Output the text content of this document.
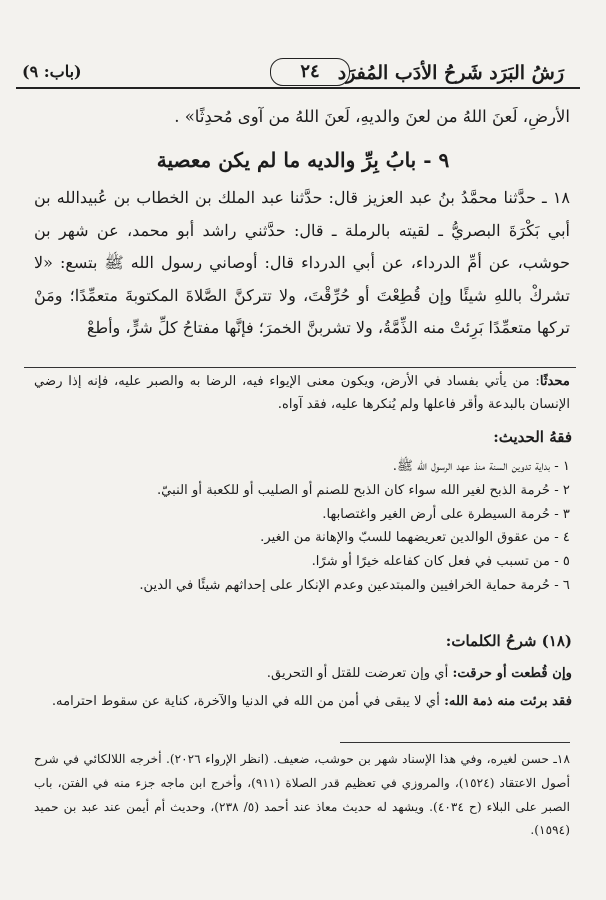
رَشُ البَرَد شَرحُ الأدَب المُفرَد
٢٤
(باب: ٩)
الأرضِ، لَعنَ اللهُ من لعنَ والديهِ، لَعنَ اللهُ من آوى مُحدِثًا» .
٩ - بابُ بِرِّ والديه ما لم يكن معصية
١٨ ـ حدَّثنا محمَّدُ بنُ عبد العزيز قال: حدَّثنا عبد الملك بن الخطاب بن عُبيدالله بن أبي بَكْرَةَ البصريُّ ـ لقيته بالرملة ـ قال: حدَّثني راشد أبو محمد، عن شهر بن حوشب، عن أمِّ الدرداء، عن أبي الدرداء قال: أوصاني رسول الله ﷺ بتسع: «لا تشركْ باللهِ شيئًا وإن قُطِعْتَ أو حُرِّقْتَ، ولا تتركنَّ الصَّلاةَ المكتوبةَ متعمِّدًا؛ ومَنْ تركها متعمِّدًا بَرِئتْ منه الذِّمَّةُ، ولا تشربنَّ الخمرَ؛ فإنَّها مفتاحُ كلِّ شرٍّ، وأطعْ
محدثًا: من يأتي بفساد في الأرض، ويكون معنى الإيواء فيه، الرضا به والصبر عليه، فإنه إذا رضي الإنسان بالبدعة وأقر فاعلها ولم يُنكرها عليه، فقد آواه.
فقهُ الحديث:
١ - بداية تدوين السنة منذ عهد الرسول الله ﷺ.
٢ - حُرمة الذبح لغير الله سواء كان الذبح للصنم أو الصليب أو للكعبة أو النبيّ.
٣ - حُرمة السيطرة على أرض الغير واغتصابها.
٤ - من عقوق الوالدين تعريضهما للسبّ والإهانة من الغير.
٥ - من تسبب في فعل كان كفاعله خيرًا أو شرًا.
٦ - حُرمة حماية الخرافيين والمبتدعين وعدم الإنكار على إحداثهم شيئًا في الدين.
(١٨) شرحُ الكلمات:
وإن قُطعت أو حرقت: أي وإن تعرضت للقتل أو التحريق.
فقد برئت منه ذمة الله: أي لا يبقى في أمن من الله في الدنيا والآخرة، كناية عن سقوط احترامه.
١٨ـ حسن لغيره، وفي هذا الإسناد شهر بن حوشب، ضعيف. (انظر الإرواء ٢٠٢٦). أخرجه اللالكائي في شرح أصول الاعتقاد (١٥٢٤)، والمروزي في تعظيم قدر الصلاة (٩١١)، وأخرج ابن ماجه جزء منه في الفتن، باب الصبر على البلاء (ح ٤٠٣٤). ويشهد له حديث معاذ عند أحمد (٥/ ٢٣٨)، وحديث أم أيمن عند عبد بن حميد (١٥٩٤).
